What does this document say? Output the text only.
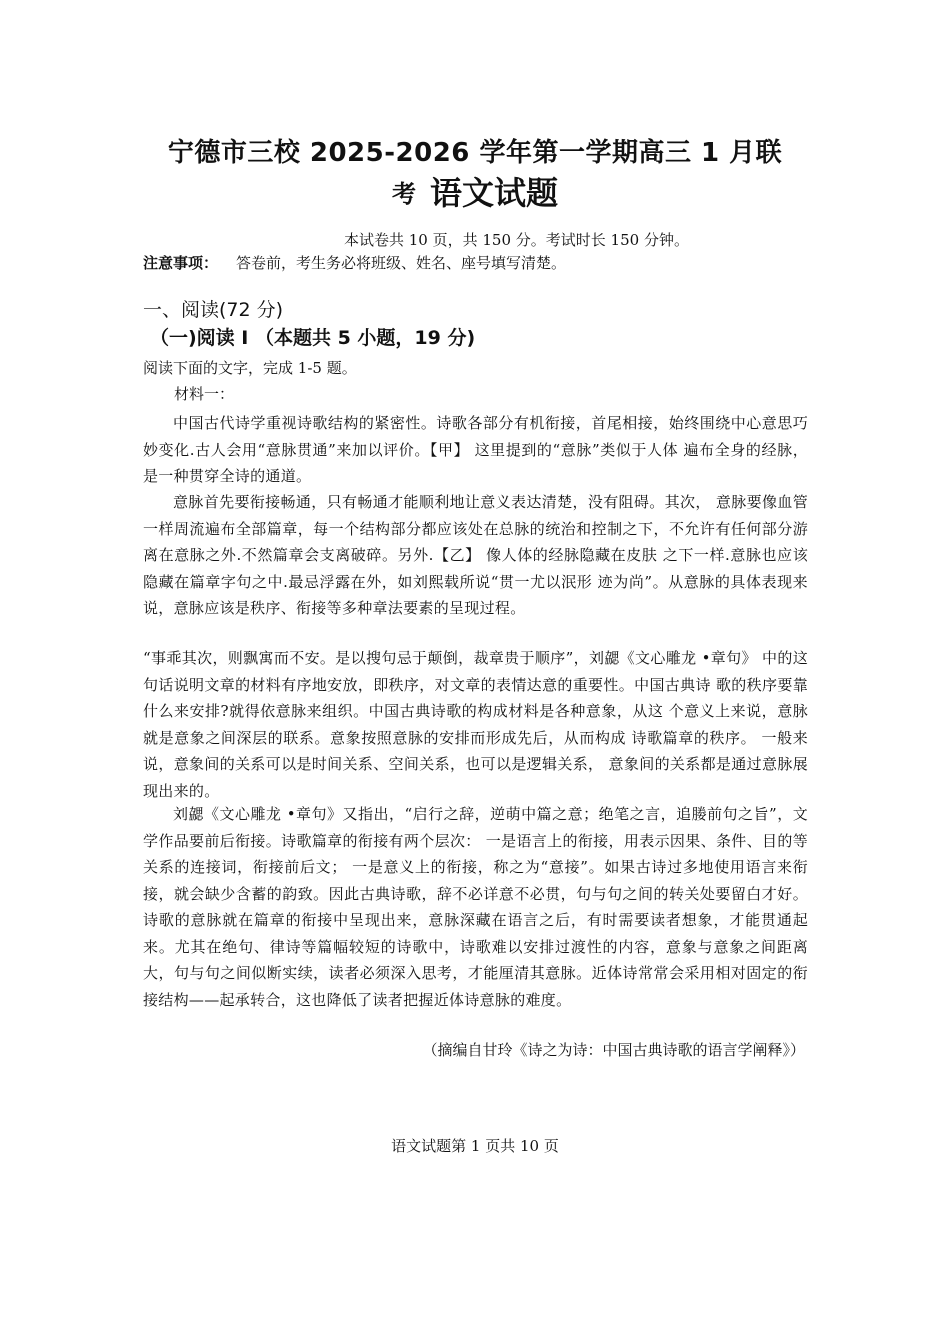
宁德市三校 2025-2026 学年第一学期高三 1 月联
考 语文试题
本试卷共 10 页，共 150 分。考试时长 150 分钟。
注意事项： 答卷前，考生务必将班级、姓名、座号填写清楚。
一、阅读(72 分)
（一)阅读 I （本题共 5 小题，19 分)
阅读下面的文字，完成 1-5 题。
材料一：

中国古代诗学重视诗歌结构的紧密性。诗歌各部分有机衔接，首尾相接，始终围绕中心意思巧妙变化.古人会用“意脉贯通”来加以评价。【甲】 这里提到的“意脉”类似于人体 遍布全身的经脉，是一种贯穿全诗的通道。

意脉首先要衔接畅通，只有畅通才能顺利地让意义表达清楚，没有阻碍。其次， 意脉要像血管一样周流遍布全部篇章，每一个结构部分都应该处在总脉的统治和控制之下，不允许有任何部分游离在意脉之外.不然篇章会支离破碎。另外.【乙】 像人体的经脉隐藏在皮肤 之下一样.意脉也应该隐藏在篇章字句之中.最忌浮露在外，如刘熙载所说“贯一尤以泯形 迹为尚”。从意脉的具体表现来说，意脉应该是秩序、衔接等多种章法要素的呈现过程。

“事乖其次，则飘寓而不安。是以搜句忌于颠倒，裁章贵于顺序”，刘勰《文心雕龙 •章句》 中的这句话说明文章的材料有序地安放，即秩序，对文章的表情达意的重要性。中国古典诗 歌的秩序要靠什么来安排?就得依意脉来组织。中国古典诗歌的构成材料是各种意象，从这 个意义上来说，意脉就是意象之间深层的联系。意象按照意脉的安排而形成先后，从而构成 诗歌篇章的秩序。 一般来说，意象间的关系可以是时间关系、空间关系，也可以是逻辑关系， 意象间的关系都是通过意脉展现出来的。

刘勰《文心雕龙 •章句》又指出，“启行之辞，逆萌中篇之意；绝笔之言，追媵前句之旨”，文学作品要前后衔接。诗歌篇章的衔接有两个层次： 一是语言上的衔接，用表示因果、条件、目的等关系的连接词，衔接前后文； 一是意义上的衔接，称之为“意接”。如果古诗过多地使用语言来衔接，就会缺少含蓄的韵致。因此古典诗歌，辞不必详意不必贯，句与句之间的转关处要留白才好。诗歌的意脉就在篇章的衔接中呈现出来，意脉深藏在语言之后，有时需要读者想象，才能贯通起来。尤其在绝句、律诗等篇幅较短的诗歌中，诗歌难以安排过渡性的内容，意象与意象之间距离大，句与句之间似断实续，读者必须深入思考，才能厘清其意脉。近体诗常常会采用相对固定的衔接结构——起承转合，这也降低了读者把握近体诗意脉的难度。

（摘编自甘玲《诗之为诗：中国古典诗歌的语言学阐释》）
语文试题第 1 页共 10 页
